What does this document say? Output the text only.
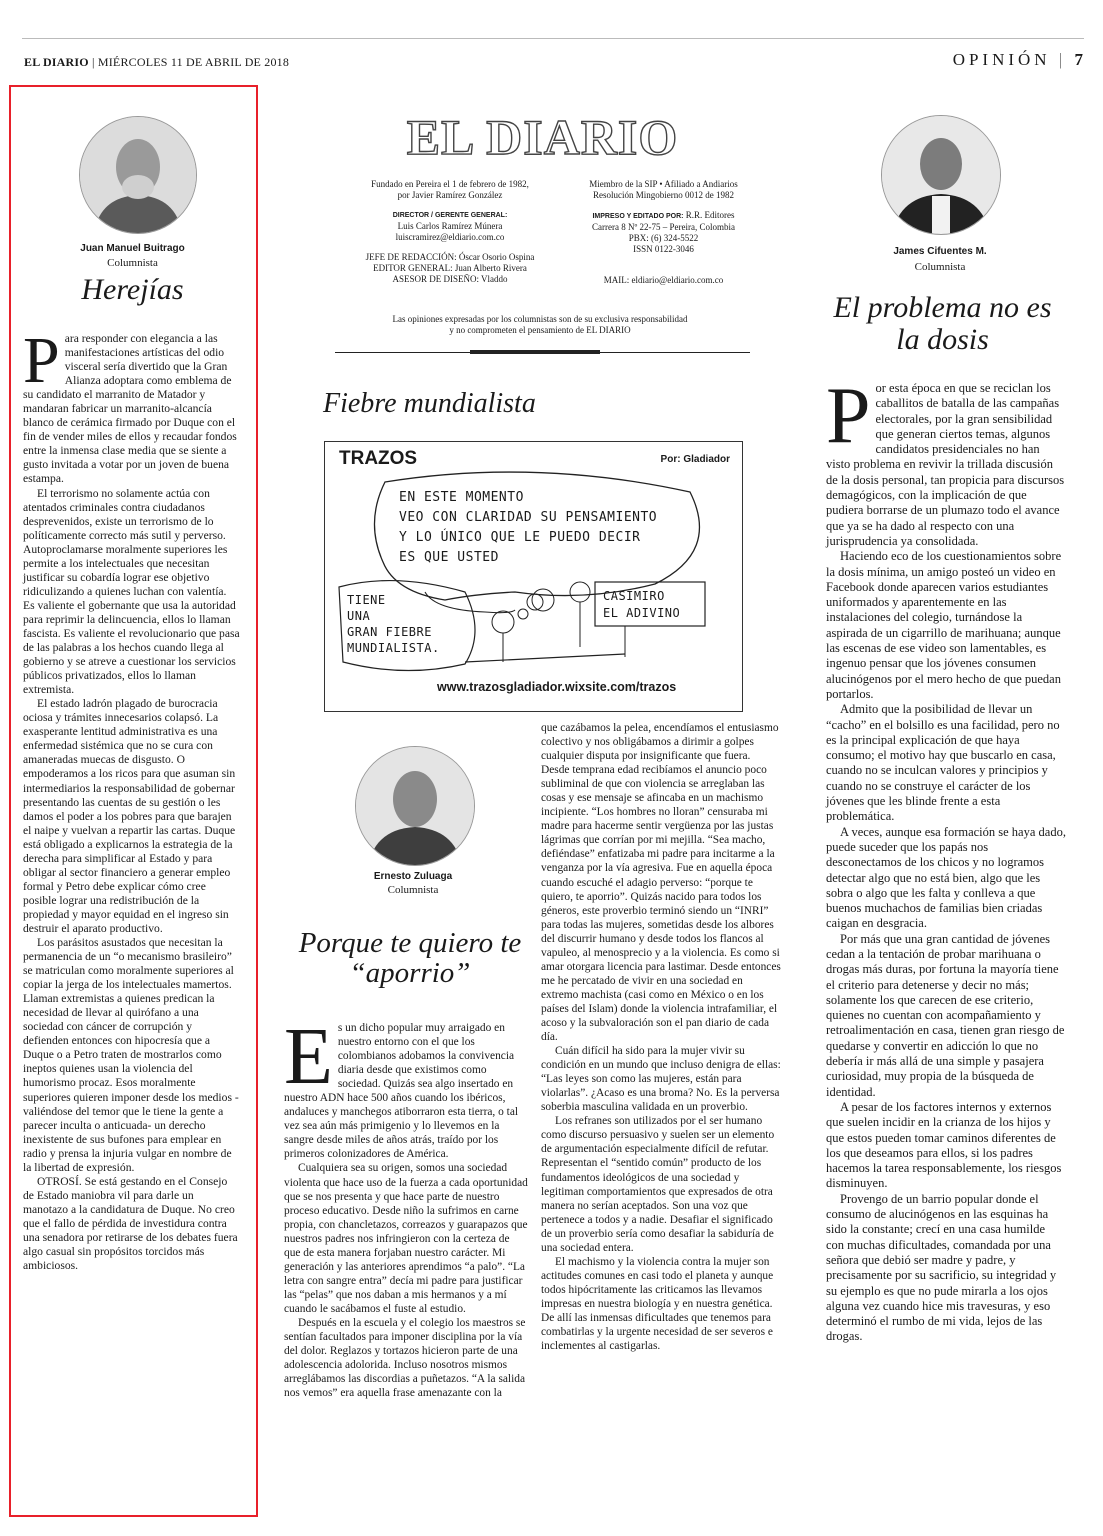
EL DIARIO | MIÉRCOLES 11 DE ABRIL DE 2018	OPINIÓN | 7
Juan Manuel Buitrago
Columnista
Herejías

Para responder con elegancia a las manifestaciones artísticas del odio visceral sería divertido que la Gran Alianza adoptara como emblema de su candidato el marranito de Matador y mandaran fabricar un marranito-alcancía blanco de cerámica firmado por Duque con el fin de vender miles de ellos y recaudar fondos entre la inmensa clase media que se siente a gusto invitada a votar por un joven de buena estampa.

El terrorismo no solamente actúa con atentados criminales contra ciudadanos desprevenidos, existe un terrorismo de lo políticamente correcto más sutil y perverso. Autoproclamarse moralmente superiores les permite a los intelectuales que necesitan justificar su cobardía lograr ese objetivo ridiculizando a quienes luchan con valentía. Es valiente el gobernante que usa la autoridad para reprimir la delincuencia, ellos lo llaman fascista. Es valiente el revolucionario que pasa de las palabras a los hechos cuando llega al gobierno y se atreve a cuestionar los servicios públicos privatizados, ellos lo llaman extremista.

El estado ladrón plagado de burocracia ociosa y trámites innecesarios colapsó. La exasperante lentitud administrativa es una enfermedad sistémica que no se cura con amaneradas muecas de disgusto. O empoderamos a los ricos para que asuman sin intermediarios la responsabilidad de gobernar presentando las cuentas de su gestión o les damos el poder a los pobres para que barajen el naipe y vuelvan a repartir las cartas. Duque está obligado a explicarnos la estrategia de la derecha para simplificar al Estado y para obligar al sector financiero a generar empleo formal y Petro debe explicar cómo cree posible lograr una redistribución de la propiedad y mayor equidad en el ingreso sin destruir el aparato productivo.

Los parásitos asustados que necesitan la permanencia de un “o mecanismo brasileiro” se matriculan como moralmente superiores al copiar la jerga de los intelectuales mamertos. Llaman extremistas a quienes predican la necesidad de llevar al quirófano a una sociedad con cáncer de corrupción y defienden entonces con hipocresía que a Duque o a Petro traten de mostrarlos como ineptos quienes usan la violencia del humorismo procaz. Esos moralmente superiores quieren imponer desde los medios -valiéndose del temor que le tiene la gente a parecer inculta o anticuada- un derecho inexistente de sus bufones para emplear en radio y prensa la injuria vulgar en nombre de la libertad de expresión.

OTROSÍ. Se está gestando en el Consejo de Estado maniobra vil para darle un manotazo a la candidatura de Duque. No creo que el fallo de pérdida de investidura contra una senadora por retirarse de los debates fuera algo casual sin propósitos torcidos más ambiciosos.

EL DIARIO
Fundado en Pereira el 1 de febrero de 1982,
por Javier Ramírez González
DIRECTOR / GERENTE GENERAL:
Luis Carlos Ramírez Múnera
luiscramirez@eldiario.com.co
JEFE DE REDACCIÓN: Óscar Osorio Ospina
EDITOR GENERAL: Juan Alberto Rivera
ASESOR DE DISEÑO: Vladdo
Miembro de la SIP • Afiliado a Andiarios
Resolución Mingobierno 0012 de 1982
IMPRESO Y EDITADO POR: R.R. Editores
Carrera 8 Nº 22-75 – Pereira, Colombia
PBX: (6) 324-5522
ISSN 0122-3046
MAIL: eldiario@eldiario.com.co
Las opiniones expresadas por los columnistas son de su exclusiva responsabilidad
y no comprometen el pensamiento de EL DIARIO
Fiebre mundialista
TRAZOS	Por: Gladiador
EN ESTE MOMENTO
VEO CON CLARIDAD SU PENSAMIENTO
Y LO ÚNICO QUE LE PUEDO DECIR
ES QUE USTED
TIENE
UNA
GRAN FIEBRE
MUNDIALISTA.
CASIMIRO
EL ADIVINO
www.trazosgladiador.wixsite.com/trazos
Ernesto Zuluaga
Columnista
Porque te quiero te
“aporrio”

Es un dicho popular muy arraigado en nuestro entorno con el que los colombianos adobamos la convivencia diaria desde que existimos como sociedad. Quizás sea algo insertado en nuestro ADN hace 500 años cuando los ibéricos, andaluces y manchegos atiborraron esta tierra, o tal vez sea aún más primigenio y lo llevemos en la sangre desde miles de años atrás, traído por los primeros colonizadores de América.

Cualquiera sea su origen, somos una sociedad violenta que hace uso de la fuerza a cada oportunidad que se nos presenta y que hace parte de nuestro proceso educativo. Desde niño la sufrimos en carne propia, con chancletazos, correazos y guarapazos que nuestros padres nos infringieron con la certeza de que de esta manera forjaban nuestro carácter. Mi generación y las anteriores aprendimos “a palo”. “La letra con sangre entra” decía mi padre para justificar las “pelas” que nos daban a mis hermanos y a mí cuando le sacábamos el fuste al estudio.

Después en la escuela y el colegio los maestros se sentían facultados para imponer disciplina por la vía del dolor. Reglazos y tortazos hicieron parte de una adolescencia adolorida. Incluso nosotros mismos arreglábamos las discordias a puñetazos. “A la salida nos vemos” era aquella frase amenazante con la

que cazábamos la pelea, encendíamos el entusiasmo colectivo y nos obligábamos a dirimir a golpes cualquier disputa por insignificante que fuera. Desde temprana edad recibíamos el anuncio poco subliminal de que con violencia se arreglaban las cosas y ese mensaje se afincaba en un machismo incipiente. “Los hombres no lloran” censuraba mi madre para hacerme sentir vergüenza por las justas lágrimas que corrían por mi mejilla. “Sea macho, defiéndase” enfatizaba mi padre para incitarme a la venganza por la vía agresiva. Fue en aquella época cuando escuché el adagio perverso: “porque te quiero, te aporrio”. Quizás nacido para todos los géneros, este proverbio terminó siendo un “INRI” para todas las mujeres, sometidas desde los albores del discurrir humano y desde todos los flancos al vapuleo, al menosprecio y a la violencia. Es como si amar otorgara licencia para lastimar. Desde entonces me he percatado de vivir en una sociedad en extremo machista (casi como en México o en los países del Islam) donde la violencia intrafamiliar, el acoso y la subvaloración son el pan diario de cada día.

Cuán difícil ha sido para la mujer vivir su condición en un mundo que incluso denigra de ellas: “Las leyes son como las mujeres, están para violarlas”. ¿Acaso es una broma? No. Es la perversa soberbia masculina validada en un proverbio.

Los refranes son utilizados por el ser humano como discurso persuasivo y suelen ser un elemento de argumentación especialmente difícil de refutar. Representan el “sentido común” producto de los fundamentos ideológicos de una sociedad y legitiman comportamientos que expresados de otra manera no serían aceptados. Son una voz que pertenece a todos y a nadie. Desafiar el significado de un proverbio sería como desafiar la sabiduría de una sociedad entera.

El machismo y la violencia contra la mujer son actitudes comunes en casi todo el planeta y aunque todos hipócritamente las criticamos las llevamos impresas en nuestra biología y en nuestra genética. De allí las inmensas dificultades que tenemos para combatirlas y la urgente necesidad de ser severos e inclementes al castigarlas.

James Cifuentes M.
Columnista
El problema no es
la dosis

Por esta época en que se reciclan los caballitos de batalla de las campañas electorales, por la gran sensibilidad que generan ciertos temas, algunos candidatos presidenciales no han visto problema en revivir la trillada discusión de la dosis personal, tan propicia para discursos demagógicos, con la implicación de que pudiera borrarse de un plumazo todo el avance que ya se ha dado al respecto con una jurisprudencia ya consolidada.

Haciendo eco de los cuestionamientos sobre la dosis mínima, un amigo posteó un video en Facebook donde aparecen varios estudiantes uniformados y aparentemente en las instalaciones del colegio, turnándose la aspirada de un cigarrillo de marihuana; aunque las escenas de ese video son lamentables, es ingenuo pensar que los jóvenes consumen alucinógenos por el mero hecho de que puedan portarlos.

Admito que la posibilidad de llevar un “cacho” en el bolsillo es una facilidad, pero no es la principal explicación de que haya consumo; el motivo hay que buscarlo en casa, cuando no se inculcan valores y principios y cuando no se construye el carácter de los jóvenes que les blinde frente a esta problemática.

A veces, aunque esa formación se haya dado, puede suceder que los papás nos desconectamos de los chicos y no logramos detectar algo que no está bien, algo que les sobra o algo que les falta y conlleva a que buenos muchachos de familias bien criadas caigan en desgracia.

Por más que una gran cantidad de jóvenes cedan a la tentación de probar marihuana o drogas más duras, por fortuna la mayoría tiene el criterio para detenerse y decir no más; solamente los que carecen de ese criterio, quienes no cuentan con acompañamiento y retroalimentación en casa, tienen gran riesgo de quedarse y convertir en adicción lo que no debería ir más allá de una simple y pasajera curiosidad, muy propia de la búsqueda de identidad.

A pesar de los factores internos y externos que suelen incidir en la crianza de los hijos y que estos pueden tomar caminos diferentes de los que deseamos para ellos, si los padres hacemos la tarea responsablemente, los riesgos disminuyen.

Provengo de un barrio popular donde el consumo de alucinógenos en las esquinas ha sido la constante; crecí en una casa humilde con muchas dificultades, comandada por una señora que debió ser madre y padre, y precisamente por su sacrificio, su integridad y su ejemplo es que no pude mirarla a los ojos alguna vez cuando hice mis travesuras, y eso determinó el rumbo de mi vida, lejos de las drogas.
